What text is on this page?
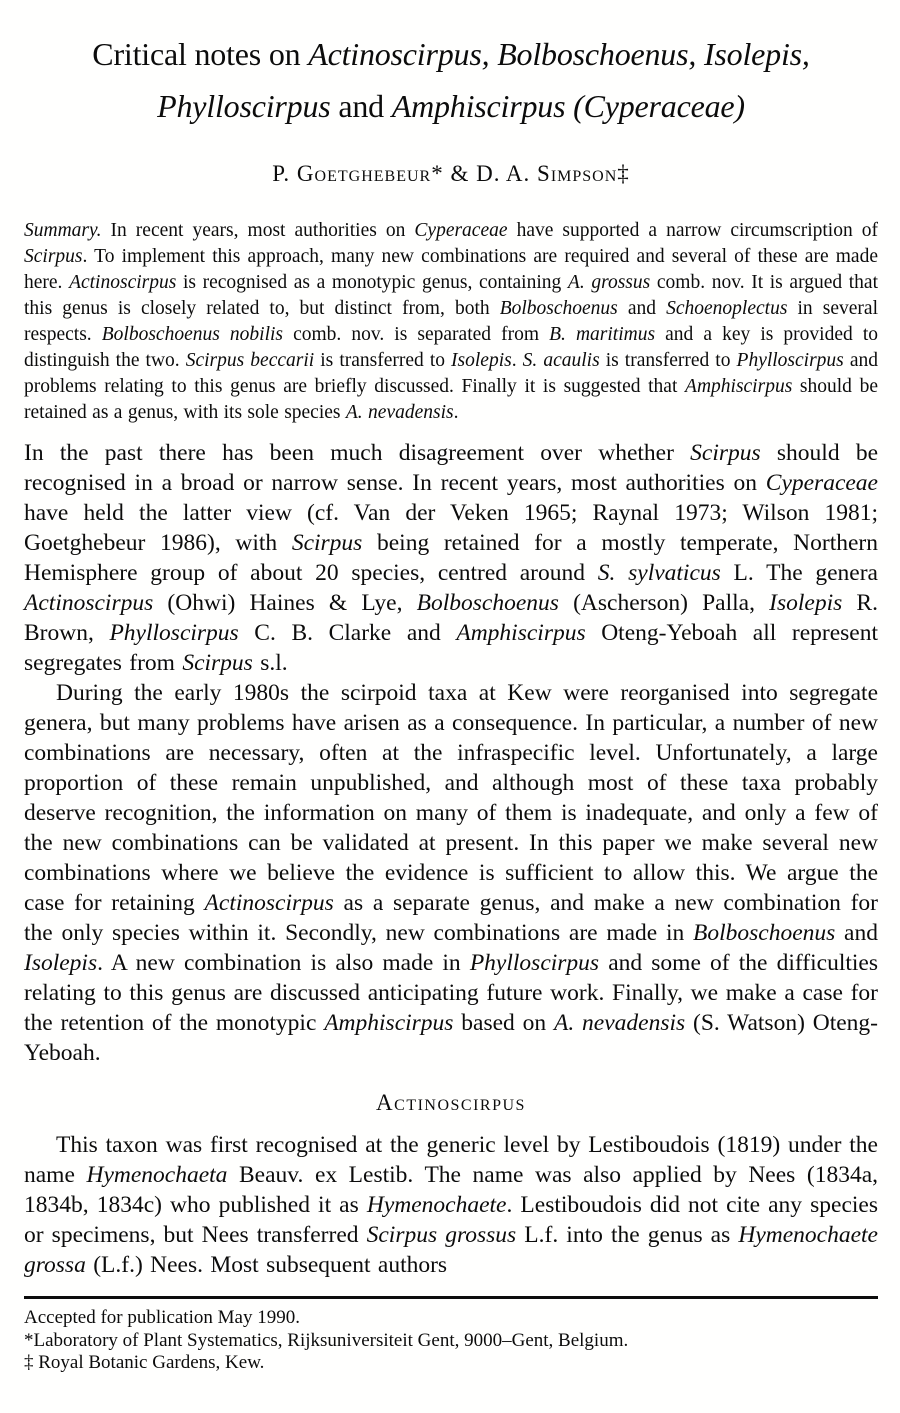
Critical notes on Actinoscirpus, Bolboschoenus, Isolepis,
Phylloscirpus and Amphiscirpus (Cyperaceae)
P. Goetghebeur* & D. A. Simpson‡

Summary. In recent years, most authorities on Cyperaceae have supported a narrow circumscription of Scirpus. To implement this approach, many new combinations are required and several of these are made here. Actinoscirpus is recognised as a monotypic genus, containing A. grossus comb. nov. It is argued that this genus is closely related to, but distinct from, both Bolboschoenus and Schoenoplectus in several respects. Bolboschoenus nobilis comb. nov. is separated from B. maritimus and a key is provided to distinguish the two. Scirpus beccarii is transferred to Isolepis. S. acaulis is transferred to Phylloscirpus and problems relating to this genus are briefly discussed. Finally it is suggested that Amphiscirpus should be retained as a genus, with its sole species A. nevadensis.

In the past there has been much disagreement over whether Scirpus should be recognised in a broad or narrow sense. In recent years, most authorities on Cyperaceae have held the latter view (cf. Van der Veken 1965; Raynal 1973; Wilson 1981; Goetghebeur 1986), with Scirpus being retained for a mostly temperate, Northern Hemisphere group of about 20 species, centred around S. sylvaticus L. The genera Actinoscirpus (Ohwi) Haines & Lye, Bolboschoenus (Ascherson) Palla, Isolepis R. Brown, Phylloscirpus C. B. Clarke and Amphiscirpus Oteng-Yeboah all represent segregates from Scirpus s.l.

During the early 1980s the scirpoid taxa at Kew were reorganised into segregate genera, but many problems have arisen as a consequence. In particular, a number of new combinations are necessary, often at the infraspecific level. Unfortunately, a large proportion of these remain unpublished, and although most of these taxa probably deserve recognition, the information on many of them is inadequate, and only a few of the new combinations can be validated at present. In this paper we make several new combinations where we believe the evidence is sufficient to allow this. We argue the case for retaining Actinoscirpus as a separate genus, and make a new combination for the only species within it. Secondly, new combinations are made in Bolboschoenus and Isolepis. A new combination is also made in Phylloscirpus and some of the difficulties relating to this genus are discussed anticipating future work. Finally, we make a case for the retention of the monotypic Amphiscirpus based on A. nevadensis (S. Watson) Oteng-Yeboah.

Actinoscirpus

This taxon was first recognised at the generic level by Lestiboudois (1819) under the name Hymenochaeta Beauv. ex Lestib. The name was also applied by Nees (1834a, 1834b, 1834c) who published it as Hymenochaete. Lestiboudois did not cite any species or specimens, but Nees transferred Scirpus grossus L.f. into the genus as Hymenochaete grossa (L.f.) Nees. Most subsequent authors

Accepted for publication May 1990.
*Laboratory of Plant Systematics, Rijksuniversiteit Gent, 9000–Gent, Belgium.
‡ Royal Botanic Gardens, Kew.
